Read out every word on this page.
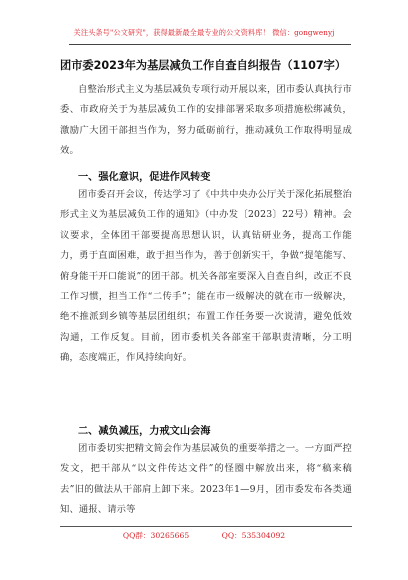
关注头条号"公文研究"，获得最新最全最专业的公文资料库！ 微信：gongwenyj
团市委2023年为基层减负工作自查自纠报告（1107字）
自整治形式主义为基层减负专项行动开展以来，团市委认真执行市委、市政府关于为基层减负工作的安排部署采取多项措施松绑减负，激励广大团干部担当作为，努力砥砺前行，推动减负工作取得明显成效。
一、强化意识，促进作风转变
团市委召开会议，传达学习了《中共中央办公厅关于深化拓展整治形式主义为基层减负工作的通知》（中办发〔2023〕22号）精神。会议要求，全体团干部要提高思想认识，认真钻研业务，提高工作能力，勇于直面困难，敢于担当作为，善于创新实干，争做“提笔能写、俯身能干开口能说”的团干部。机关各部室要深入自查自纠，改正不良工作习惯，担当工作“二传手”；能在市一级解决的就在市一级解决，绝不推派到乡镇等基层团组织；布置工作任务要一次说清，避免低效沟通，工作反复。目前，团市委机关各部室干部职责清晰，分工明确，态度端正，作风持续向好。
二、减负减压，力戒文山会海
团市委切实把精文简会作为基层减负的重要举措之一。一方面严控发文，把干部从“以文件传达文件”的怪圈中解放出来，将“稿来稿去”旧的做法从干部肩上卸下来。2023年1—9月，团市委发布各类通知、通报、请示等
QQ群：30265665	QQ：535304092
